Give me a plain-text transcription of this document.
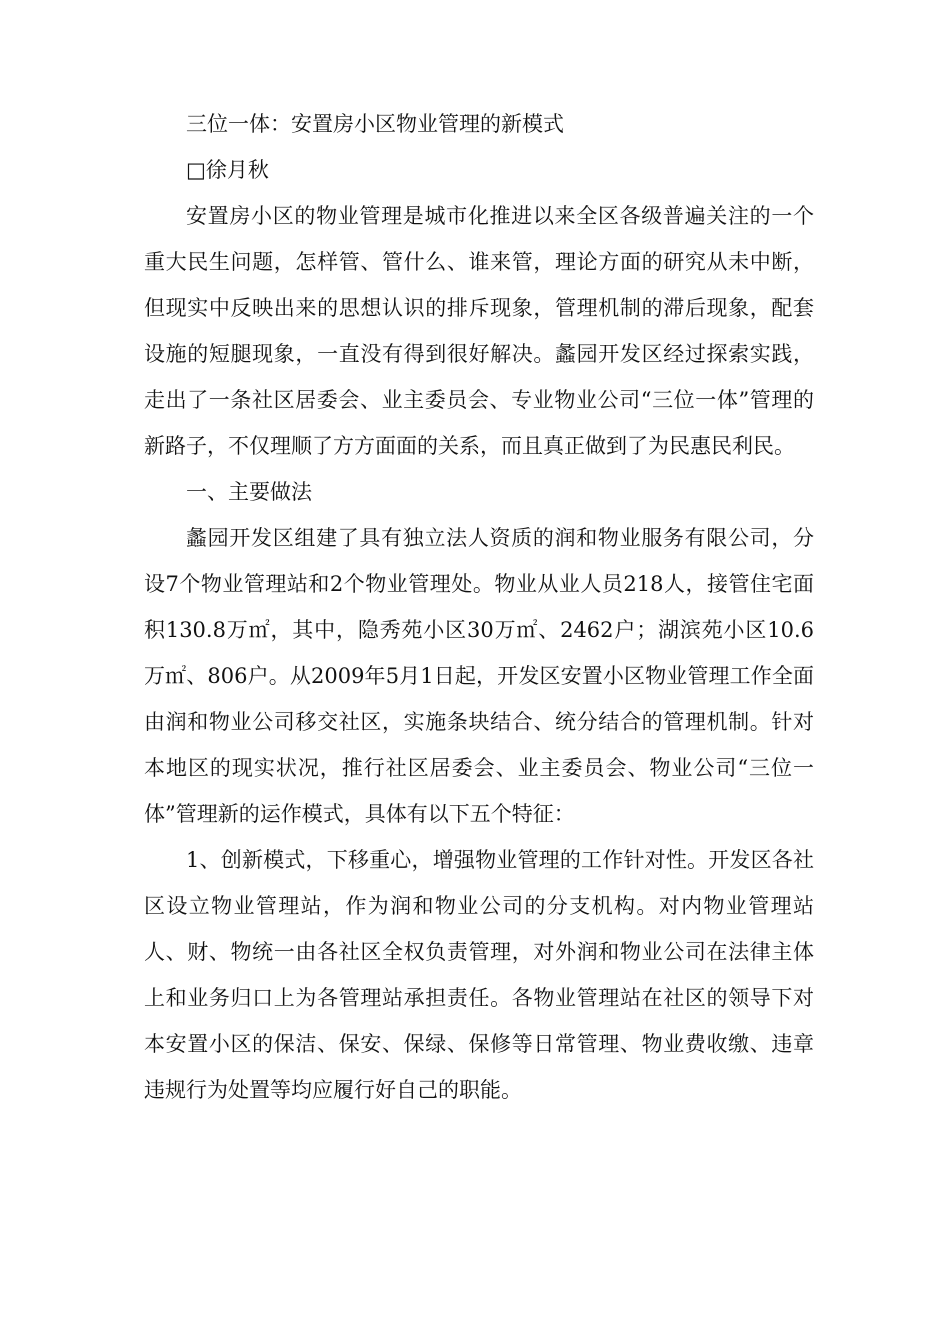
三位一体：安置房小区物业管理的新模式

□徐月秋

安置房小区的物业管理是城市化推进以来全区各级普遍关注的一个重大民生问题，怎样管、管什么、谁来管，理论方面的研究从未中断，但现实中反映出来的思想认识的排斥现象，管理机制的滞后现象，配套设施的短腿现象，一直没有得到很好解决。蠡园开发区经过探索实践，走出了一条社区居委会、业主委员会、专业物业公司“三位一体”管理的新路子，不仅理顺了方方面面的关系，而且真正做到了为民惠民利民。

一、主要做法

蠡园开发区组建了具有独立法人资质的润和物业服务有限公司，分设7个物业管理站和2个物业管理处。物业从业人员218人，接管住宅面积130.8万㎡，其中，隐秀苑小区30万㎡、2462户；湖滨苑小区10.6万㎡、806户。从2009年5月1日起，开发区安置小区物业管理工作全面由润和物业公司移交社区，实施条块结合、统分结合的管理机制。针对本地区的现实状况，推行社区居委会、业主委员会、物业公司“三位一体”管理新的运作模式，具体有以下五个特征：

1、创新模式，下移重心，增强物业管理的工作针对性。开发区各社区设立物业管理站，作为润和物业公司的分支机构。对内物业管理站人、财、物统一由各社区全权负责管理，对外润和物业公司在法律主体上和业务归口上为各管理站承担责任。各物业管理站在社区的领导下对本安置小区的保洁、保安、保绿、保修等日常管理、物业费收缴、违章违规行为处置等均应履行好自己的职能。
